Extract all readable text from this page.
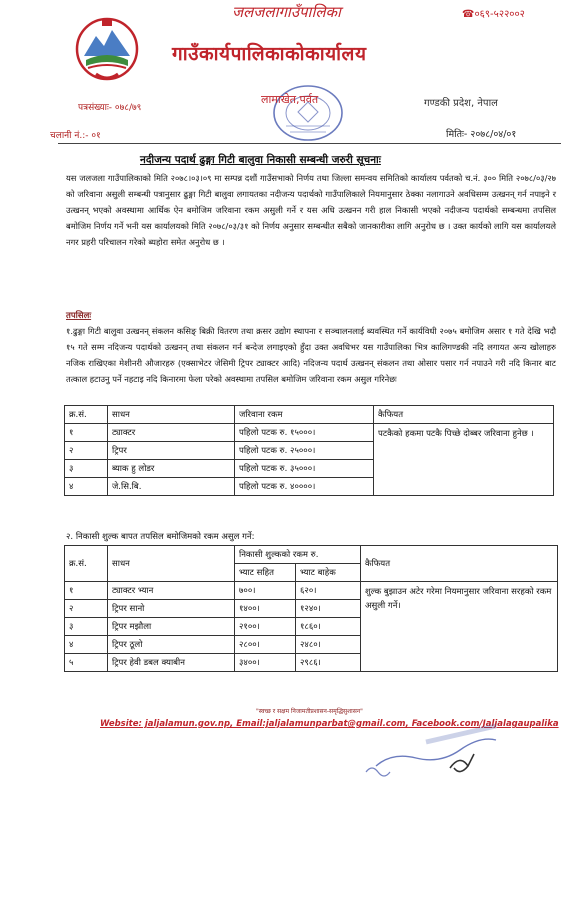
☎०६९-५२२००२
जलजलागाउँपालिका
गाउँकार्यपालिकाकोकार्यालय
लामाखेत,पर्वत	गण्डकी प्रदेश, नेपाल
पत्रसंख्याः- ०७८/७९
चलानी नं.:- ०१	मितिः- २०७८/०४/०१
नदीजन्य पदार्थ ढुङ्गा गिटी बालुवा निकासी सम्बन्धी जरुरी सूचनाः
यस जलजला गाउँपालिकाको मिति २०७८।०३।०९ मा सम्पन्न दशौं गाउँसभाको निर्णय तथा जिल्ला समन्वय समितिको कार्यालय पर्वतको च.नं. ३०० मिति २०७८/०३/२७ को जरिवाना असुली सम्बन्धी पत्रानुसार ढुङ्गा गिटी बालुवा लगायतका नदीजन्य पदार्थको गाउँपालिकाले नियमानुसार ठेक्का नलागाउने अवधिसम्म उत्खनन् गर्न नपाइने र उत्खनन् भएको अवस्थामा आर्थिक ऐन बमोजिम जरिवाना रकम असुली गर्ने र यस अधि उत्खनन गरी हाल निकासी भएको नदीजन्य पदार्थको सम्बन्धमा तपसिल बमोजिम निर्णय गर्ने भनी यस कार्यालयको मिति २०७८/०३/३१ को निर्णय अनुसार सम्बन्धीत सबैको जानकारीका लागि अनुरोध छ । उक्त कार्यको लागि यस कार्यालयले नगर प्रहरी परिचालन गरेको ब्यहोरा समेत अनुरोध छ ।
तपसिलः
१.ढुङ्गा गिटी बालुवा उत्खनन् संकलन कसिङ् बिक्री वितरण तथा क्रसर उद्योग स्थापना र सञ्चालनलाई ब्यवस्थित गर्ने कार्यविधी २०७५ बमोजिम असार १ गते देखि भदौ १५ गते सम्म नदिजन्य पदार्थको उत्खनन् तथा संकलन गर्न बन्देज लगाइएको हुँदा उक्त अवधिभर यस गाउँपालिका भित्र कालिगण्डकी नदि लगायत अन्य खोलाहरु नजिक राखिएका मेशीनरी औजारहरु (एक्साभेटर जेसिमी ट्रिपर ट्याक्टर आदि) नदिजन्य पदार्थ उत्खनन् संकलन तथा ओसार पसार गर्न नपाउने गरी नदि किनार बाट तत्काल हटाउनु पर्ने नहटाइ नदि किनारमा फेला परेको अवस्थामा तपसिल बमोजिम जरिवाना रकम असुल गरिनेछः
क्र.सं.	साधन	जरिवाना रकम	कैफियत
१	ट्याक्टर	पहिलो पटक रु. १५०००।	पटकैको हकमा पटकै पिच्छे दोब्बर जरिवाना हुनेछ ।
२	ट्रिपर	पहिलो पटक रु. २५०००।	
३	ब्याक हु लोडर	पहिलो पटक रु. ३५०००।	
४	जे.सि.बि.	पहिलो पटक रु. ४००००।	
२. निकासी शुल्क बापत तपसिल बमोजिमको रकम असुल गर्ने:
क्र.सं.	साधन	निकासी शुल्कको रकम रु.		कैफियत
		भ्याट सहित	भ्याट बाहेक	
१	ट्याक्टर भ्यान	७००।	६२०।	शुल्क बुझाउन अटेर गरेमा नियमानुसार जरिवाना सरहको रकम असुली गर्ने।
२	ट्रिपर सानो	१४००।	१२४०।	
३	ट्रिपर मझौला	२१००।	१८६०।	
४	ट्रिपर ठूलो	२८००।	२४८०।	
५	ट्रिपर हेवी डबल क्याबीन	३४००।	२९८६।	
"स्वच्छ र सक्षम निजामतीप्रशासन-समृद्धिसुशासन"
Website: jaljalamun.gov.np, Email:jaljalamunparbat@gmail.com, Facebook.com/Jaljalagaupalika
